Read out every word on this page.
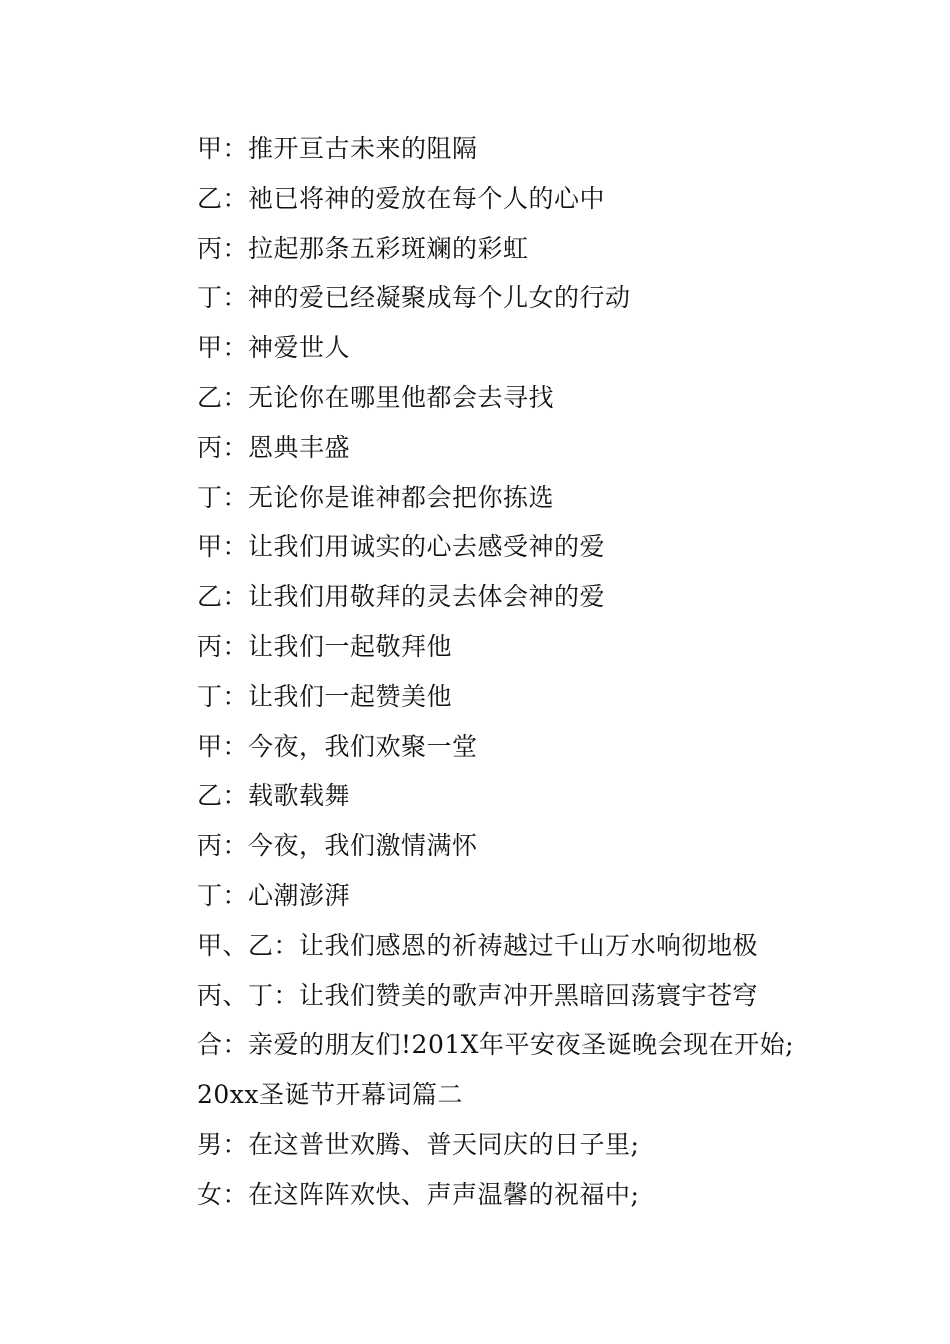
甲：推开亘古未来的阻隔
乙：祂已将神的爱放在每个人的心中
丙：拉起那条五彩斑斓的彩虹
丁：神的爱已经凝聚成每个儿女的行动
甲：神爱世人
乙：无论你在哪里他都会去寻找
丙：恩典丰盛
丁：无论你是谁神都会把你拣选
甲：让我们用诚实的心去感受神的爱
乙：让我们用敬拜的灵去体会神的爱
丙：让我们一起敬拜他
丁：让我们一起赞美他
甲：今夜，我们欢聚一堂
乙：载歌载舞
丙：今夜，我们激情满怀
丁：心潮澎湃
甲、乙：让我们感恩的祈祷越过千山万水响彻地极
丙、丁：让我们赞美的歌声冲开黑暗回荡寰宇苍穹
合：亲爱的朋友们!201X年平安夜圣诞晚会现在开始;
20xx圣诞节开幕词篇二
男：在这普世欢腾、普天同庆的日子里;
女：在这阵阵欢快、声声温馨的祝福中;
